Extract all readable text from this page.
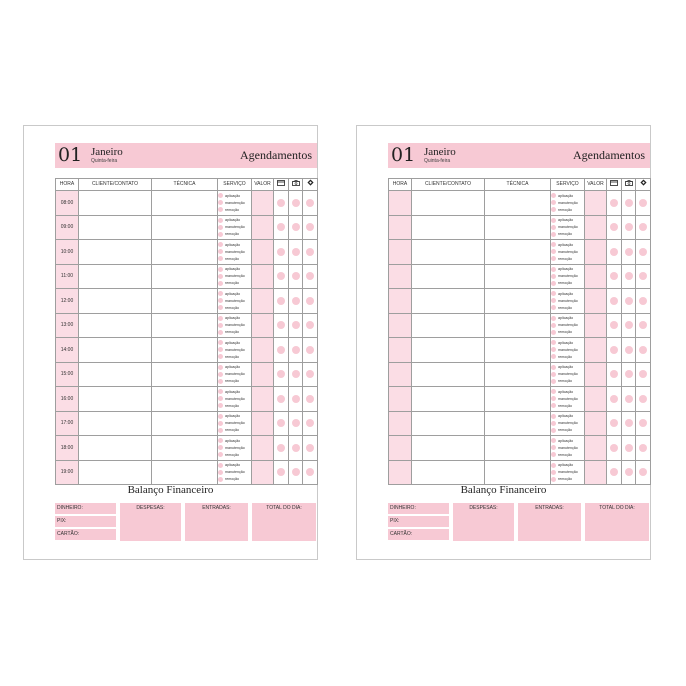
01 Janeiro
Quinta-feira	Agendamentos
HORA	CLIENTE/CONTATO	TÉCNICA	SERVIÇO	VALOR			
08:00			aplicação
manutenção
remoção				

09:00			aplicação
manutenção
remoção				

10:00			aplicação
manutenção
remoção				

11:00			aplicação
manutenção
remoção				

12:00			aplicação
manutenção
remoção				

13:00			aplicação
manutenção
remoção				

14:00			aplicação
manutenção
remoção				

15:00			aplicação
manutenção
remoção				

16:00			aplicação
manutenção
remoção				

17:00			aplicação
manutenção
remoção				

18:00			aplicação
manutenção
remoção				

19:00			aplicação
manutenção
remoção				

Balanço Financeiro
DINHEIRO:
PIX:
CARTÃO:
DESPESAS:	ENTRADAS:	TOTAL DO DIA:
01 Janeiro
Quinta-feira	Agendamentos
HORA	CLIENTE/CONTATO	TÉCNICA	SERVIÇO	VALOR			

			aplicação
manutenção
remoção				

			aplicação
manutenção
remoção				

			aplicação
manutenção
remoção				

			aplicação
manutenção
remoção				

			aplicação
manutenção
remoção				

			aplicação
manutenção
remoção				

			aplicação
manutenção
remoção				

			aplicação
manutenção
remoção				

			aplicação
manutenção
remoção				

			aplicação
manutenção
remoção				

			aplicação
manutenção
remoção				

			aplicação
manutenção
remoção				

Balanço Financeiro
DINHEIRO:
PIX:
CARTÃO:
DESPESAS:	ENTRADAS:	TOTAL DO DIA:
